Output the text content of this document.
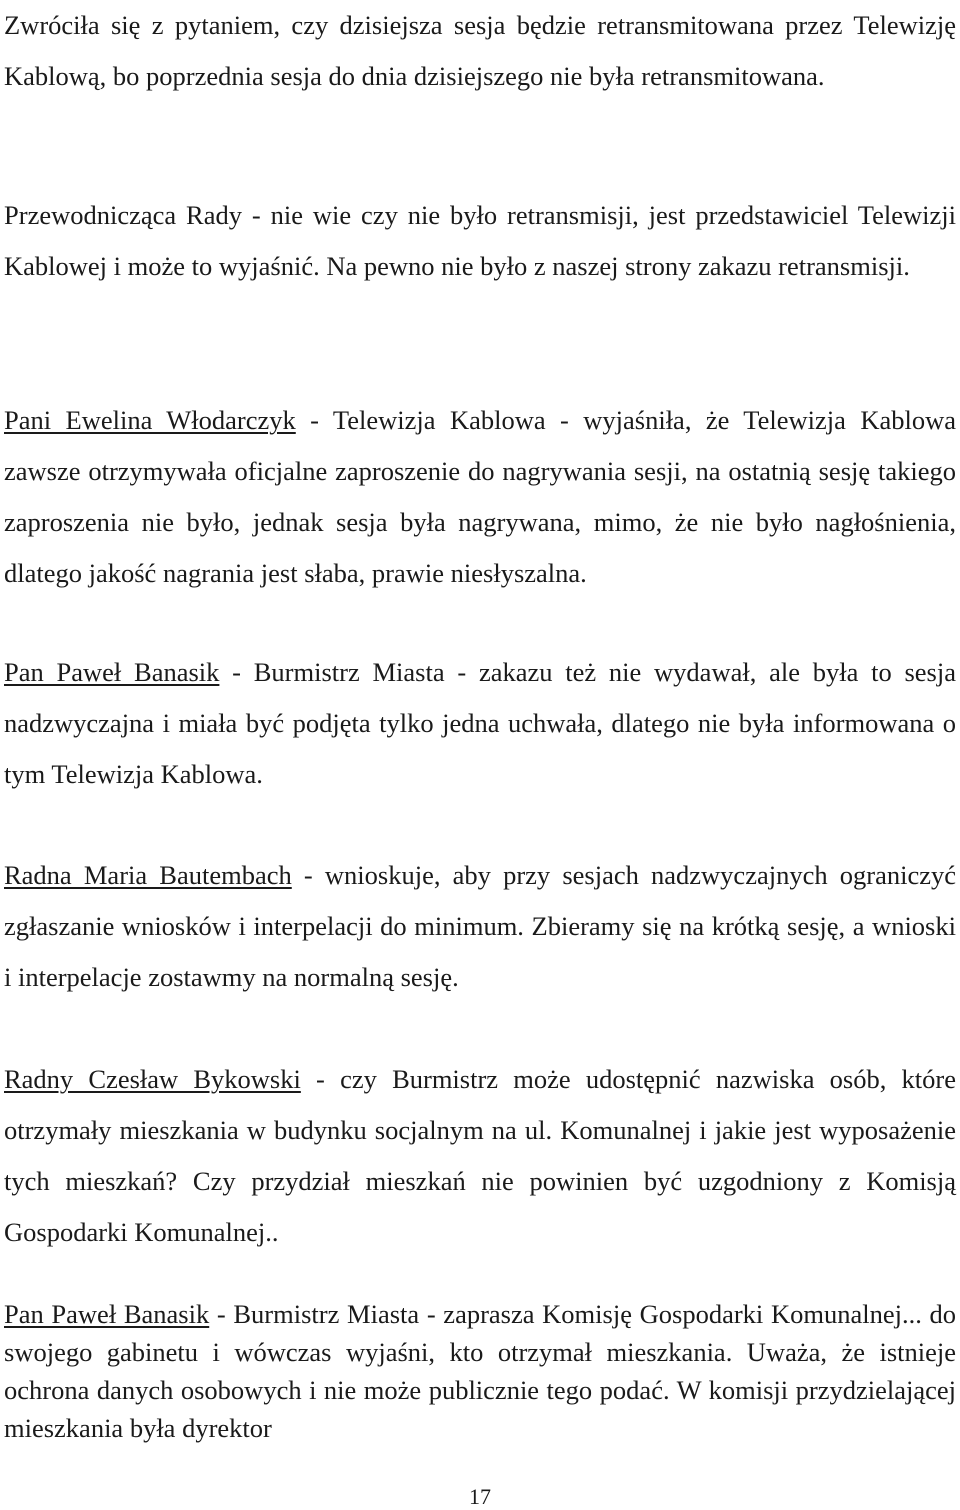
Zwróciła się z pytaniem, czy dzisiejsza sesja będzie retransmitowana przez Telewizję Kablową, bo poprzednia sesja do dnia dzisiejszego nie była retransmitowana.

Przewodnicząca Rady - nie wie czy nie było retransmisji, jest przedstawiciel Telewizji Kablowej i może to wyjaśnić. Na pewno nie było z naszej strony zakazu retransmisji.

Pani Ewelina Włodarczyk - Telewizja Kablowa - wyjaśniła, że Telewizja Kablowa zawsze otrzymywała oficjalne zaproszenie do nagrywania sesji, na ostatnią sesję takiego zaproszenia nie było, jednak sesja była nagrywana, mimo, że nie było nagłośnienia, dlatego jakość nagrania jest słaba, prawie niesłyszalna.

Pan Paweł Banasik - Burmistrz Miasta - zakazu też nie wydawał, ale była to sesja nadzwyczajna i miała być podjęta tylko jedna uchwała, dlatego nie była informowana o tym Telewizja Kablowa.

Radna Maria Bautembach - wnioskuje, aby przy sesjach nadzwyczajnych ograniczyć zgłaszanie wniosków i interpelacji do minimum. Zbieramy się na krótką sesję, a wnioski i interpelacje zostawmy na normalną sesję.

Radny Czesław Bykowski - czy Burmistrz może udostępnić nazwiska osób, które otrzymały mieszkania w budynku socjalnym na ul. Komunalnej i jakie jest wyposażenie tych mieszkań? Czy przydział mieszkań nie powinien być uzgodniony z Komisją Gospodarki Komunalnej..

Pan Paweł Banasik - Burmistrz Miasta - zaprasza Komisję Gospodarki Komunalnej... do swojego gabinetu i wówczas wyjaśni, kto otrzymał mieszkania. Uważa, że istnieje ochrona danych osobowych i nie może publicznie tego podać. W komisji przydzielającej mieszkania była dyrektor

17
